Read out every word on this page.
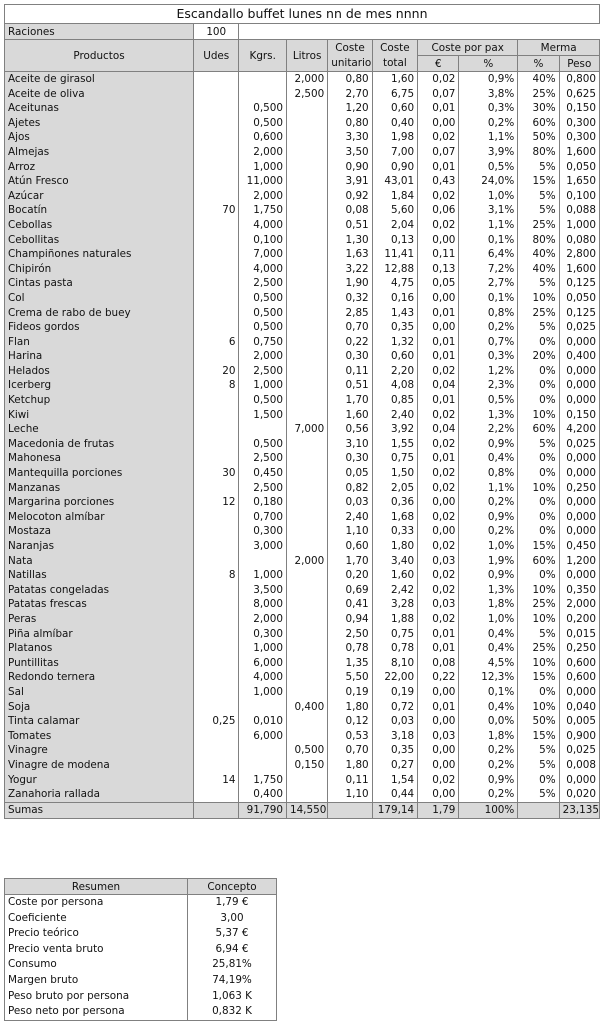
Escandallo buffet lunes nn de mes nnnn									
Raciones	100								
Productos	Udes	Kgrs.	Litros	Coste	Coste	Coste por pax		Merma	
				unitario	total	€	%	%	Peso
Aceite de girasol			2,000	0,80	1,60	0,02	0,9%	40%	0,800
Aceite de oliva			2,500	2,70	6,75	0,07	3,8%	25%	0,625
Aceitunas		0,500		1,20	0,60	0,01	0,3%	30%	0,150
Ajetes		0,500		0,80	0,40	0,00	0,2%	60%	0,300
Ajos		0,600		3,30	1,98	0,02	1,1%	50%	0,300
Almejas		2,000		3,50	7,00	0,07	3,9%	80%	1,600
Arroz		1,000		0,90	0,90	0,01	0,5%	5%	0,050
Atún Fresco		11,000		3,91	43,01	0,43	24,0%	15%	1,650
Azúcar		2,000		0,92	1,84	0,02	1,0%	5%	0,100
Bocatín	70	1,750		0,08	5,60	0,06	3,1%	5%	0,088
Cebollas		4,000		0,51	2,04	0,02	1,1%	25%	1,000
Cebollitas		0,100		1,30	0,13	0,00	0,1%	80%	0,080
Champiñones naturales		7,000		1,63	11,41	0,11	6,4%	40%	2,800
Chipirón		4,000		3,22	12,88	0,13	7,2%	40%	1,600
Cintas pasta		2,500		1,90	4,75	0,05	2,7%	5%	0,125
Col		0,500		0,32	0,16	0,00	0,1%	10%	0,050
Crema de rabo de buey		0,500		2,85	1,43	0,01	0,8%	25%	0,125
Fideos gordos		0,500		0,70	0,35	0,00	0,2%	5%	0,025
Flan	6	0,750		0,22	1,32	0,01	0,7%	0%	0,000
Harina		2,000		0,30	0,60	0,01	0,3%	20%	0,400
Helados	20	2,500		0,11	2,20	0,02	1,2%	0%	0,000
Icerberg	8	1,000		0,51	4,08	0,04	2,3%	0%	0,000
Ketchup		0,500		1,70	0,85	0,01	0,5%	0%	0,000
Kiwi		1,500		1,60	2,40	0,02	1,3%	10%	0,150
Leche			7,000	0,56	3,92	0,04	2,2%	60%	4,200
Macedonia de frutas		0,500		3,10	1,55	0,02	0,9%	5%	0,025
Mahonesa		2,500		0,30	0,75	0,01	0,4%	0%	0,000
Mantequilla porciones	30	0,450		0,05	1,50	0,02	0,8%	0%	0,000
Manzanas		2,500		0,82	2,05	0,02	1,1%	10%	0,250
Margarina porciones	12	0,180		0,03	0,36	0,00	0,2%	0%	0,000
Melocoton almíbar		0,700		2,40	1,68	0,02	0,9%	0%	0,000
Mostaza		0,300		1,10	0,33	0,00	0,2%	0%	0,000
Naranjas		3,000		0,60	1,80	0,02	1,0%	15%	0,450
Nata			2,000	1,70	3,40	0,03	1,9%	60%	1,200
Natillas	8	1,000		0,20	1,60	0,02	0,9%	0%	0,000
Patatas congeladas		3,500		0,69	2,42	0,02	1,3%	10%	0,350
Patatas frescas		8,000		0,41	3,28	0,03	1,8%	25%	2,000
Peras		2,000		0,94	1,88	0,02	1,0%	10%	0,200
Piña almíbar		0,300		2,50	0,75	0,01	0,4%	5%	0,015
Platanos		1,000		0,78	0,78	0,01	0,4%	25%	0,250
Puntillitas		6,000		1,35	8,10	0,08	4,5%	10%	0,600
Redondo ternera		4,000		5,50	22,00	0,22	12,3%	15%	0,600
Sal		1,000		0,19	0,19	0,00	0,1%	0%	0,000
Soja			0,400	1,80	0,72	0,01	0,4%	10%	0,040
Tinta calamar	0,25	0,010		0,12	0,03	0,00	0,0%	50%	0,005
Tomates		6,000		0,53	3,18	0,03	1,8%	15%	0,900
Vinagre			0,500	0,70	0,35	0,00	0,2%	5%	0,025
Vinagre de modena			0,150	1,80	0,27	0,00	0,2%	5%	0,008
Yogur	14	1,750		0,11	1,54	0,02	0,9%	0%	0,000
Zanahoria rallada		0,400		1,10	0,44	0,00	0,2%	5%	0,020
Sumas		91,790	14,550		179,14	1,79	100%		23,135
Resumen	Concepto
Coste por persona	1,79 €
Coeficiente	3,00
Precio teórico	5,37 €
Precio venta bruto	6,94 €
Consumo	25,81%
Margen bruto	74,19%
Peso bruto por persona	1,063 K
Peso neto por persona	0,832 K
